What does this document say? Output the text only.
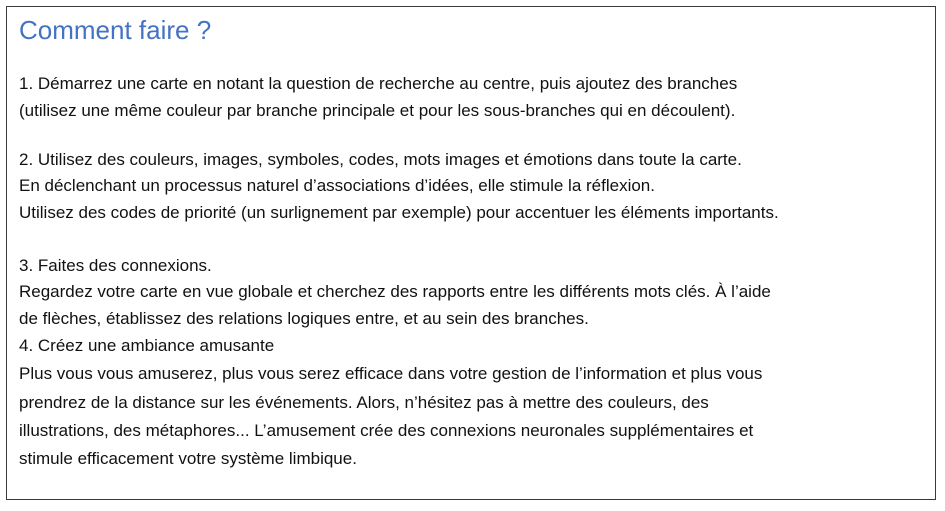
Comment faire ?

1. Démarrez une carte en notant la question de recherche au centre, puis ajoutez des branches

(utilisez une même couleur par branche principale et pour les sous-branches qui en découlent).

2. Utilisez des couleurs, images, symboles, codes, mots images et émotions dans toute la carte.

En déclenchant un processus naturel d’associations d’idées, elle stimule la réflexion.

Utilisez des codes de priorité (un surlignement par exemple) pour accentuer les éléments importants.

3. Faites des connexions.

Regardez votre carte en vue globale et cherchez des rapports entre les différents mots clés. À l’aide

de flèches, établissez des relations logiques entre, et au sein des branches.

4. Créez une ambiance amusante

Plus vous vous amuserez, plus vous serez efficace dans votre gestion de l’information et plus vous

prendrez de la distance sur les événements. Alors, n’hésitez pas à mettre des couleurs, des

illustrations, des métaphores... L’amusement crée des connexions neuronales supplémentaires et

stimule efficacement votre système limbique.
